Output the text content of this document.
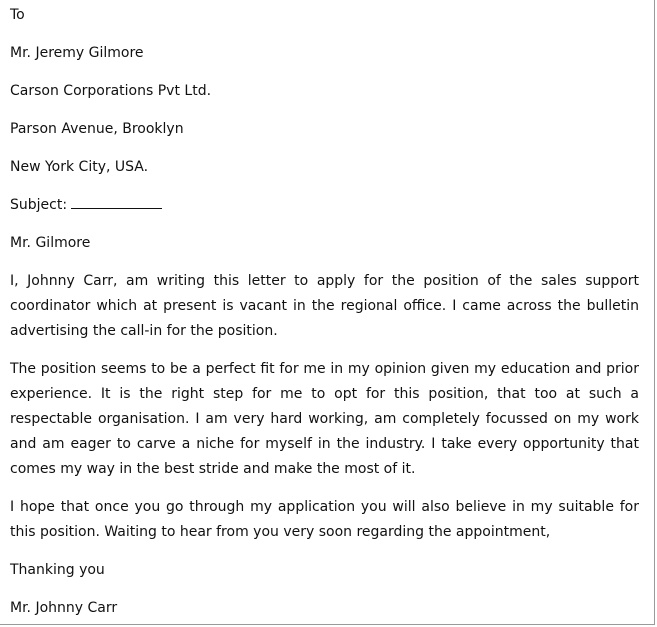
To

Mr. Jeremy Gilmore

Carson Corporations Pvt Ltd.

Parson Avenue, Brooklyn

New York City, USA.

Subject:

Mr. Gilmore

I, Johnny Carr, am writing this letter to apply for the position of the sales support coordinator which at present is vacant in the regional office. I came across the bulletin advertising the call-in for the position.

The position seems to be a perfect fit for me in my opinion given my education and prior experience. It is the right step for me to opt for this position, that too at such a respectable organisation. I am very hard working, am completely focussed on my work and am eager to carve a niche for myself in the industry. I take every opportunity that comes my way in the best stride and make the most of it.

I hope that once you go through my application you will also believe in my suitable for this position. Waiting to hear from you very soon regarding the appointment,

Thanking you

Mr. Johnny Carr
